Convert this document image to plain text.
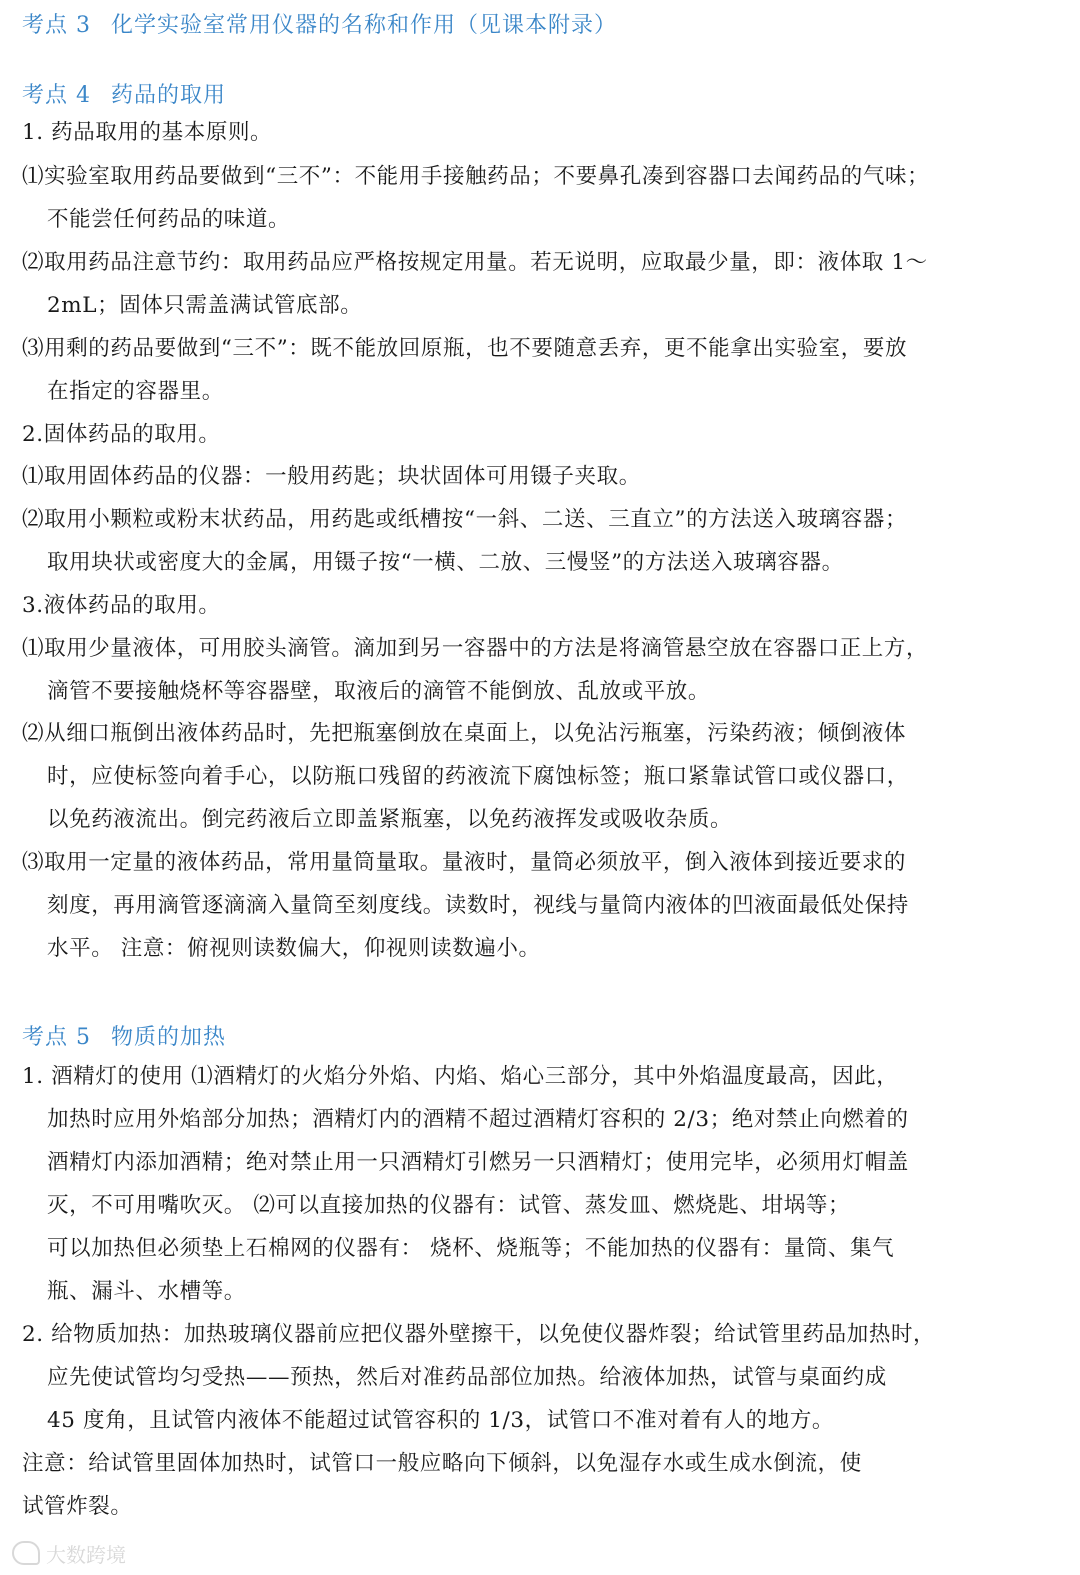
考点 3 化学实验室常用仪器的名称和作用（见课本附录）
考点 4 药品的取用
1. 药品取用的基本原则。
⑴实验室取用药品要做到“三不”：不能用手接触药品；不要鼻孔凑到容器口去闻药品的气味；
不能尝任何药品的味道。
⑵取用药品注意节约：取用药品应严格按规定用量。若无说明，应取最少量，即：液体取 1～
2mL；固体只需盖满试管底部。
⑶用剩的药品要做到“三不”：既不能放回原瓶，也不要随意丢弃，更不能拿出实验室，要放
在指定的容器里。
2.固体药品的取用。
⑴取用固体药品的仪器：一般用药匙；块状固体可用镊子夹取。
⑵取用小颗粒或粉末状药品，用药匙或纸槽按“一斜、二送、三直立”的方法送入玻璃容器；
取用块状或密度大的金属，用镊子按“一横、二放、三慢竖”的方法送入玻璃容器。
3.液体药品的取用。
⑴取用少量液体，可用胶头滴管。滴加到另一容器中的方法是将滴管悬空放在容器口正上方，
滴管不要接触烧杯等容器壁，取液后的滴管不能倒放、乱放或平放。
⑵从细口瓶倒出液体药品时，先把瓶塞倒放在桌面上，以免沾污瓶塞，污染药液；倾倒液体
时，应使标签向着手心，以防瓶口残留的药液流下腐蚀标签；瓶口紧靠试管口或仪器口，
以免药液流出。倒完药液后立即盖紧瓶塞，以免药液挥发或吸收杂质。
⑶取用一定量的液体药品，常用量筒量取。量液时，量筒必须放平，倒入液体到接近要求的
刻度，再用滴管逐滴滴入量筒至刻度线。读数时，视线与量筒内液体的凹液面最低处保持
水平。 注意：俯视则读数偏大，仰视则读数遍小。
考点 5 物质的加热
1. 酒精灯的使用 ⑴酒精灯的火焰分外焰、内焰、焰心三部分，其中外焰温度最高，因此，
加热时应用外焰部分加热；酒精灯内的酒精不超过酒精灯容积的 2/3；绝对禁止向燃着的
酒精灯内添加酒精；绝对禁止用一只酒精灯引燃另一只酒精灯；使用完毕，必须用灯帽盖
灭，不可用嘴吹灭。 ⑵可以直接加热的仪器有：试管、蒸发皿、燃烧匙、坩埚等；
可以加热但必须垫上石棉网的仪器有： 烧杯、烧瓶等；不能加热的仪器有：量筒、集气
瓶、漏斗、水槽等。
2. 给物质加热：加热玻璃仪器前应把仪器外壁擦干，以免使仪器炸裂；给试管里药品加热时，
应先使试管均匀受热——预热，然后对准药品部位加热。给液体加热，试管与桌面约成
45 度角，且试管内液体不能超过试管容积的 1/3，试管口不准对着有人的地方。
注意：给试管里固体加热时，试管口一般应略向下倾斜，以免湿存水或生成水倒流，使
试管炸裂。
大数跨境
